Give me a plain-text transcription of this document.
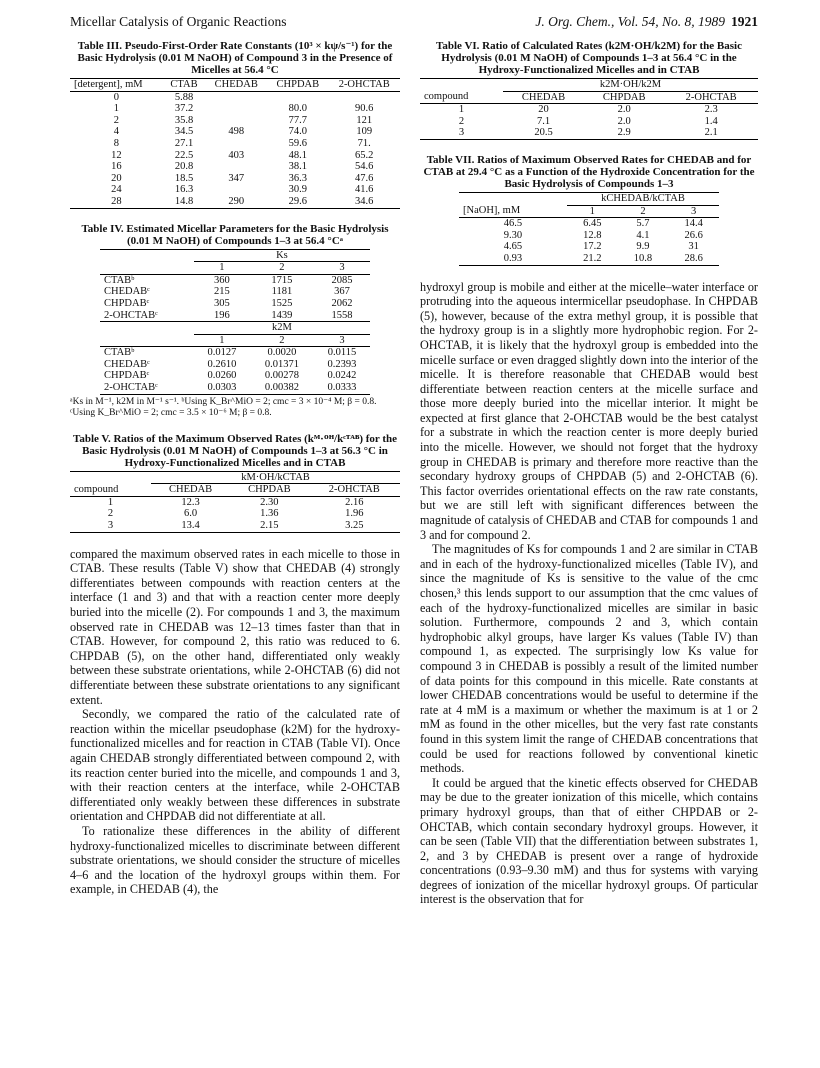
Micellar Catalysis of Organic Reactions	J. Org. Chem., Vol. 54, No. 8, 1989 1921
Table III. Pseudo-First-Order Rate Constants (10³ × kψ/s⁻¹) for the Basic Hydrolysis (0.01 M NaOH) of Compound 3 in the Presence of Micelles at 56.4 °C
[detergent], mM	CTAB	CHEDAB	CHPDAB	2-OHCTAB
0	5.88			
1	37.2		80.0	90.6
2	35.8		77.7	121
4	34.5	498	74.0	109
8	27.1		59.6	71.
12	22.5	403	48.1	65.2
16	20.8		38.1	54.6
20	18.5	347	36.3	47.6
24	16.3		30.9	41.6
28	14.8	290	29.6	34.6
Table IV. Estimated Micellar Parameters for the Basic Hydrolysis (0.01 M NaOH) of Compounds 1–3 at 56.4 °Cᵃ
	Ks		
	1	2	3
CTABᵇ	360	1715	2085
CHEDABᶜ	215	1181	367
CHPDABᶜ	305	1525	2062
2-OHCTABᶜ	196	1439	1558
	k2M		
	1	2	3
CTABᵇ	0.0127	0.0020	0.0115
CHEDABᶜ	0.2610	0.01371	0.2393
CHPDABᶜ	0.0260	0.00278	0.0242
2-OHCTABᶜ	0.0303	0.00382	0.0333
ᵃKs in M⁻¹, k2M in M⁻¹ s⁻¹. ᵇUsing K_Br^MiO = 2; cmc = 3 × 10⁻⁴ M; β = 0.8. ᶜUsing K_Br^MiO = 2; cmc = 3.5 × 10⁻⁶ M; β = 0.8.
Table V. Ratios of the Maximum Observed Rates (kᴹ·ᴼᴴ/kᶜᵀᴬᴮ) for the Basic Hydrolysis (0.01 M NaOH) of Compounds 1–3 at 56.3 °C in Hydroxy-Functionalized Micelles and in CTAB
	kM·OH/kCTAB		
compound	CHEDAB	CHPDAB	2-OHCTAB
1	12.3	2.30	2.16
2	6.0	1.36	1.96
3	13.4	2.15	3.25

compared the maximum observed rates in each micelle to those in CTAB. These results (Table V) show that CHEDAB (4) strongly differentiates between compounds with reaction centers at the interface (1 and 3) and that with a reaction center more deeply buried into the micelle (2). For compounds 1 and 3, the maximum observed rate in CHEDAB was 12–13 times faster than that in CTAB. However, for compound 2, this ratio was reduced to 6. CHPDAB (5), on the other hand, differentiated only weakly between these substrate orientations, while 2-OHCTAB (6) did not differentiate between these substrate orientations to any significant extent.

Secondly, we compared the ratio of the calculated rate of reaction within the micellar pseudophase (k2M) for the hydroxy-functionalized micelles and for reaction in CTAB (Table VI). Once again CHEDAB strongly differentiated between compound 2, with its reaction center buried into the micelle, and compounds 1 and 3, with their reaction centers at the interface, while 2-OHCTAB differentiated only weakly between these differences in substrate orientation and CHPDAB did not differentiate at all.

To rationalize these differences in the ability of different hydroxy-functionalized micelles to discriminate between different substrate orientations, we should consider the structure of micelles 4–6 and the location of the hydroxyl groups within them. For example, in CHEDAB (4), the

Table VI. Ratio of Calculated Rates (k2M·OH/k2M) for the Basic Hydrolysis (0.01 M NaOH) of Compounds 1–3 at 56.4 °C in the Hydroxy-Functionalized Micelles and in CTAB
	k2M·OH/k2M		
compound	CHEDAB	CHPDAB	2-OHCTAB
1	20	2.0	2.3
2	7.1	2.0	1.4
3	20.5	2.9	2.1
Table VII. Ratios of Maximum Observed Rates for CHEDAB and for CTAB at 29.4 °C as a Function of the Hydroxide Concentration for the Basic Hydrolysis of Compounds 1–3
	kCHEDAB/kCTAB		
[NaOH], mM	1	2	3
46.5	6.45	5.7	14.4
9.30	12.8	4.1	26.6
4.65	17.2	9.9	31
0.93	21.2	10.8	28.6

hydroxyl group is mobile and either at the micelle–water interface or protruding into the aqueous intermicellar pseudophase. In CHPDAB (5), however, because of the extra methyl group, it is possible that the hydroxy group is in a slightly more hydrophobic region. For 2-OHCTAB, it is likely that the hydroxyl group is embedded into the micelle surface or even dragged slightly down into the interior of the micelle. It is therefore reasonable that CHEDAB would best differentiate between reaction centers at the micelle surface and those more deeply buried into the micellar interior. It might be expected at first glance that 2-OHCTAB would be the best catalyst for a substrate in which the reaction center is more deeply buried into the micelle. However, we should not forget that the hydroxy group in CHEDAB is primary and therefore more reactive than the secondary hydroxy groups of CHPDAB (5) and 2-OHCTAB (6). This factor overrides orientational effects on the raw rate constants, but we are still left with significant differences between the magnitude of catalysis of CHEDAB and CTAB for compounds 1 and 3 and for compound 2.

The magnitudes of Ks for compounds 1 and 2 are similar in CTAB and in each of the hydroxy-functionalized micelles (Table IV), and since the magnitude of Ks is sensitive to the value of the cmc chosen,³ this lends support to our assumption that the cmc values of each of the hydroxy-functionalized micelles are similar in basic solution. Furthermore, compounds 2 and 3, which contain hydrophobic alkyl groups, have larger Ks values (Table IV) than compound 1, as expected. The surprisingly low Ks value for compound 3 in CHEDAB is possibly a result of the limited number of data points for this compound in this micelle. Rate constants at lower CHEDAB concentrations would be useful to determine if the rate at 4 mM is a maximum or whether the maximum is at 1 or 2 mM as found in the other micelles, but the very fast rate constants found in this system limit the range of CHEDAB concentrations that could be used for reactions followed by conventional kinetic methods.

It could be argued that the kinetic effects observed for CHEDAB may be due to the greater ionization of this micelle, which contains primary hydroxyl groups, than that of either CHPDAB or 2-OHCTAB, which contain secondary hydroxyl groups. However, it can be seen (Table VII) that the differentiation between substrates 1, 2, and 3 by CHEDAB is present over a range of hydroxide concentrations (0.93–9.30 mM) and thus for systems with varying degrees of ionization of the micellar hydroxyl groups. Of particular interest is the observation that for
